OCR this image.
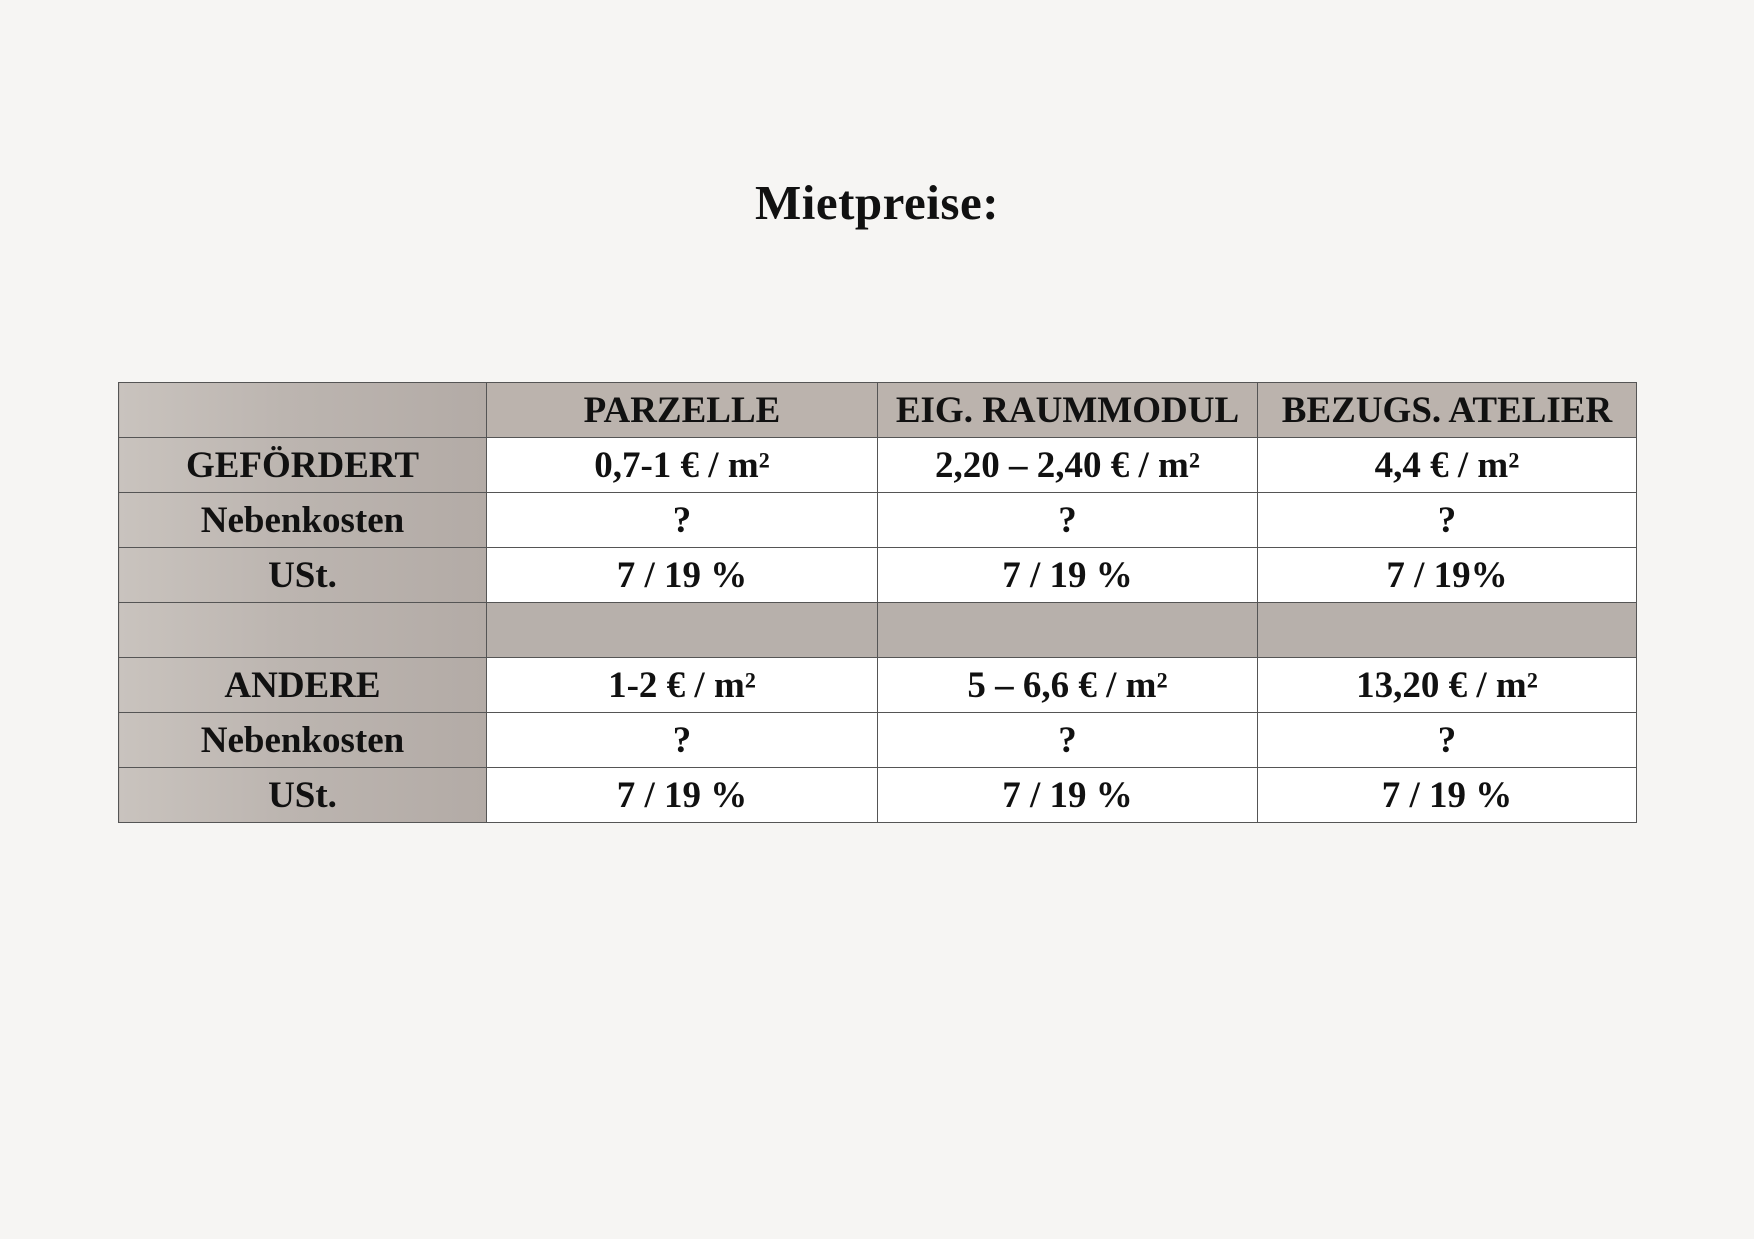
Mietpreise:
	PARZELLE	EIG. RAUMMODUL	BEZUGS. ATELIER
GEFÖRDERT	0,7-1 € / m²	2,20 – 2,40 € / m²	4,4 € / m²
Nebenkosten	?	?	?
USt.	7 / 19 %	7 / 19 %	7 / 19%

ANDERE	1-2 € / m²	5 – 6,6 € / m²	13,20 € / m²
Nebenkosten	?	?	?
USt.	7 / 19 %	7 / 19 %	7 / 19 %
